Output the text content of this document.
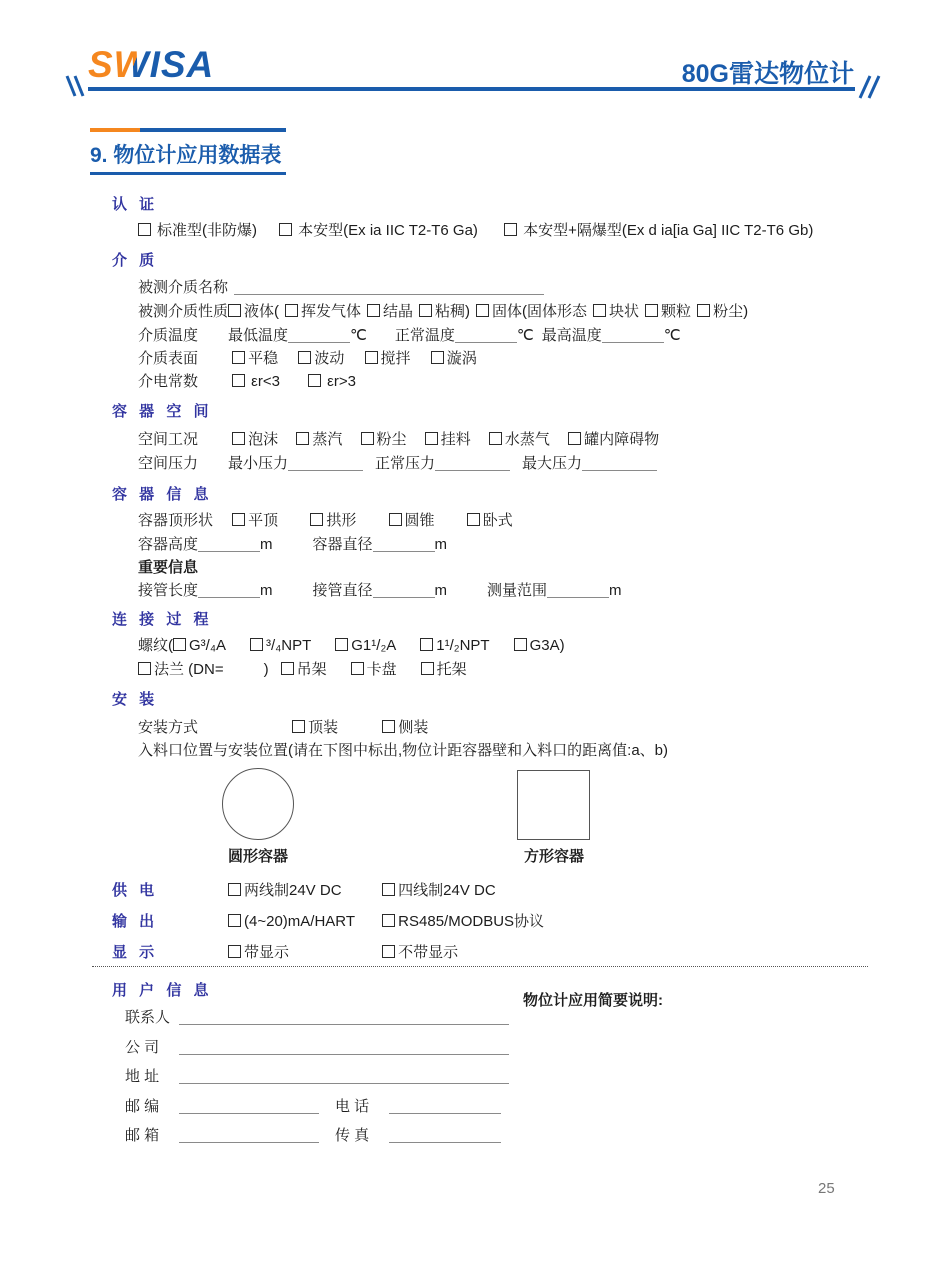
SWISA	80G雷达物位计
9. 物位计应用数据表
认 证
标准型(非防爆)	本安型(Ex ia IIC T2-T6 Ga)	本安型+隔爆型(Ex d ia[ia Ga] IIC T2-T6 Gb)
介 质
被测介质名称
被测介质性质 液体( 挥发气体 结晶 粘稠) 固体(固体形态 块状 颗粒 粉尘)
介质温度 最低温度	℃ 正常温度	℃ 最高温度	℃
介质表面	平稳 波动 搅拌 漩涡
介电常数	εr<3	εr>3
容 器 空 间
空间工况	泡沫 蒸汽 粉尘 挂料 水蒸气 罐内障碍物
空间压力 最小压力	正常压力	最大压力
容 器 信 息
容器顶形状 平顶	拱形	圆锥	卧式
容器高度	m	容器直径	m
重要信息
接管长度	m	接管直径	m	测量范围	m
连 接 过 程
螺纹( G³/₄A	³/₄NPT	G1¹/₂A	1¹/₂NPT	G3A)
法兰 (DN=	) 吊架	卡盘	托架
安 装
安装方式	顶装	侧装
入料口位置与安装位置(请在下图中标出,物位计距容器壁和入料口的距离值:a、b)
圆形容器	方形容器
供 电	两线制24V DC	四线制24V DC
输 出	(4~20)mA/HART	RS485/MODBUS协议
显 示	带显示	不带显示
用 户 信 息
物位计应用简要说明:
联系人
公 司
地 址
邮 编	电 话
邮 箱	传 真
25
